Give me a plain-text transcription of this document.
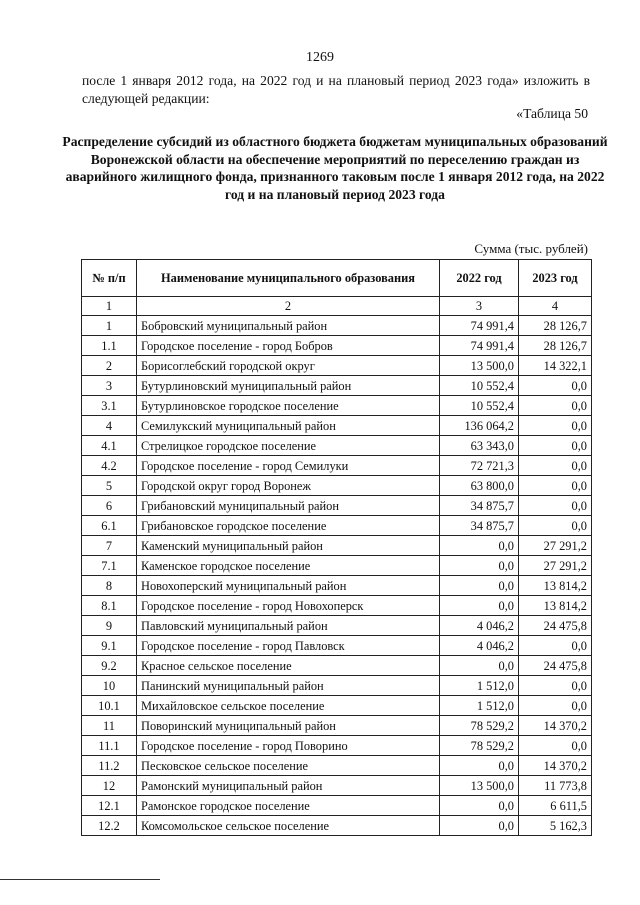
1269
после 1 января 2012 года, на 2022 год и на плановый период 2023 года» изложить в следующей редакции:
«Таблица 50
Распределение субсидий из областного бюджета бюджетам муниципальных образований Воронежской области на обеспечение мероприятий по переселению граждан из аварийного жилищного фонда, признанного таковым после 1 января 2012 года, на 2022 год и на плановый период 2023 года
Сумма (тыс. рублей)
№ п/п	Наименование муниципального образования	2022 год	2023 год
1	2	3	4
1	Бобровский муниципальный район	74 991,4	28 126,7
1.1	Городское поселение - город Бобров	74 991,4	28 126,7
2	Борисоглебский городской округ	13 500,0	14 322,1
3	Бутурлиновский муниципальный район	10 552,4	0,0
3.1	Бутурлиновское городское поселение	10 552,4	0,0
4	Семилукский муниципальный район	136 064,2	0,0
4.1	Стрелицкое городское поселение	63 343,0	0,0
4.2	Городское поселение - город Семилуки	72 721,3	0,0
5	Городской округ город Воронеж	63 800,0	0,0
6	Грибановский муниципальный район	34 875,7	0,0
6.1	Грибановское городское поселение	34 875,7	0,0
7	Каменский муниципальный район	0,0	27 291,2
7.1	Каменское городское поселение	0,0	27 291,2
8	Новохоперский муниципальный район	0,0	13 814,2
8.1	Городское поселение - город Новохоперск	0,0	13 814,2
9	Павловский муниципальный район	4 046,2	24 475,8
9.1	Городское поселение - город Павловск	4 046,2	0,0
9.2	Красное сельское поселение	0,0	24 475,8
10	Панинский муниципальный район	1 512,0	0,0
10.1	Михайловское сельское поселение	1 512,0	0,0
11	Поворинский муниципальный район	78 529,2	14 370,2
11.1	Городское поселение - город Поворино	78 529,2	0,0
11.2	Песковское сельское поселение	0,0	14 370,2
12	Рамонский муниципальный район	13 500,0	11 773,8
12.1	Рамонское городское поселение	0,0	6 611,5
12.2	Комсомольское сельское поселение	0,0	5 162,3
